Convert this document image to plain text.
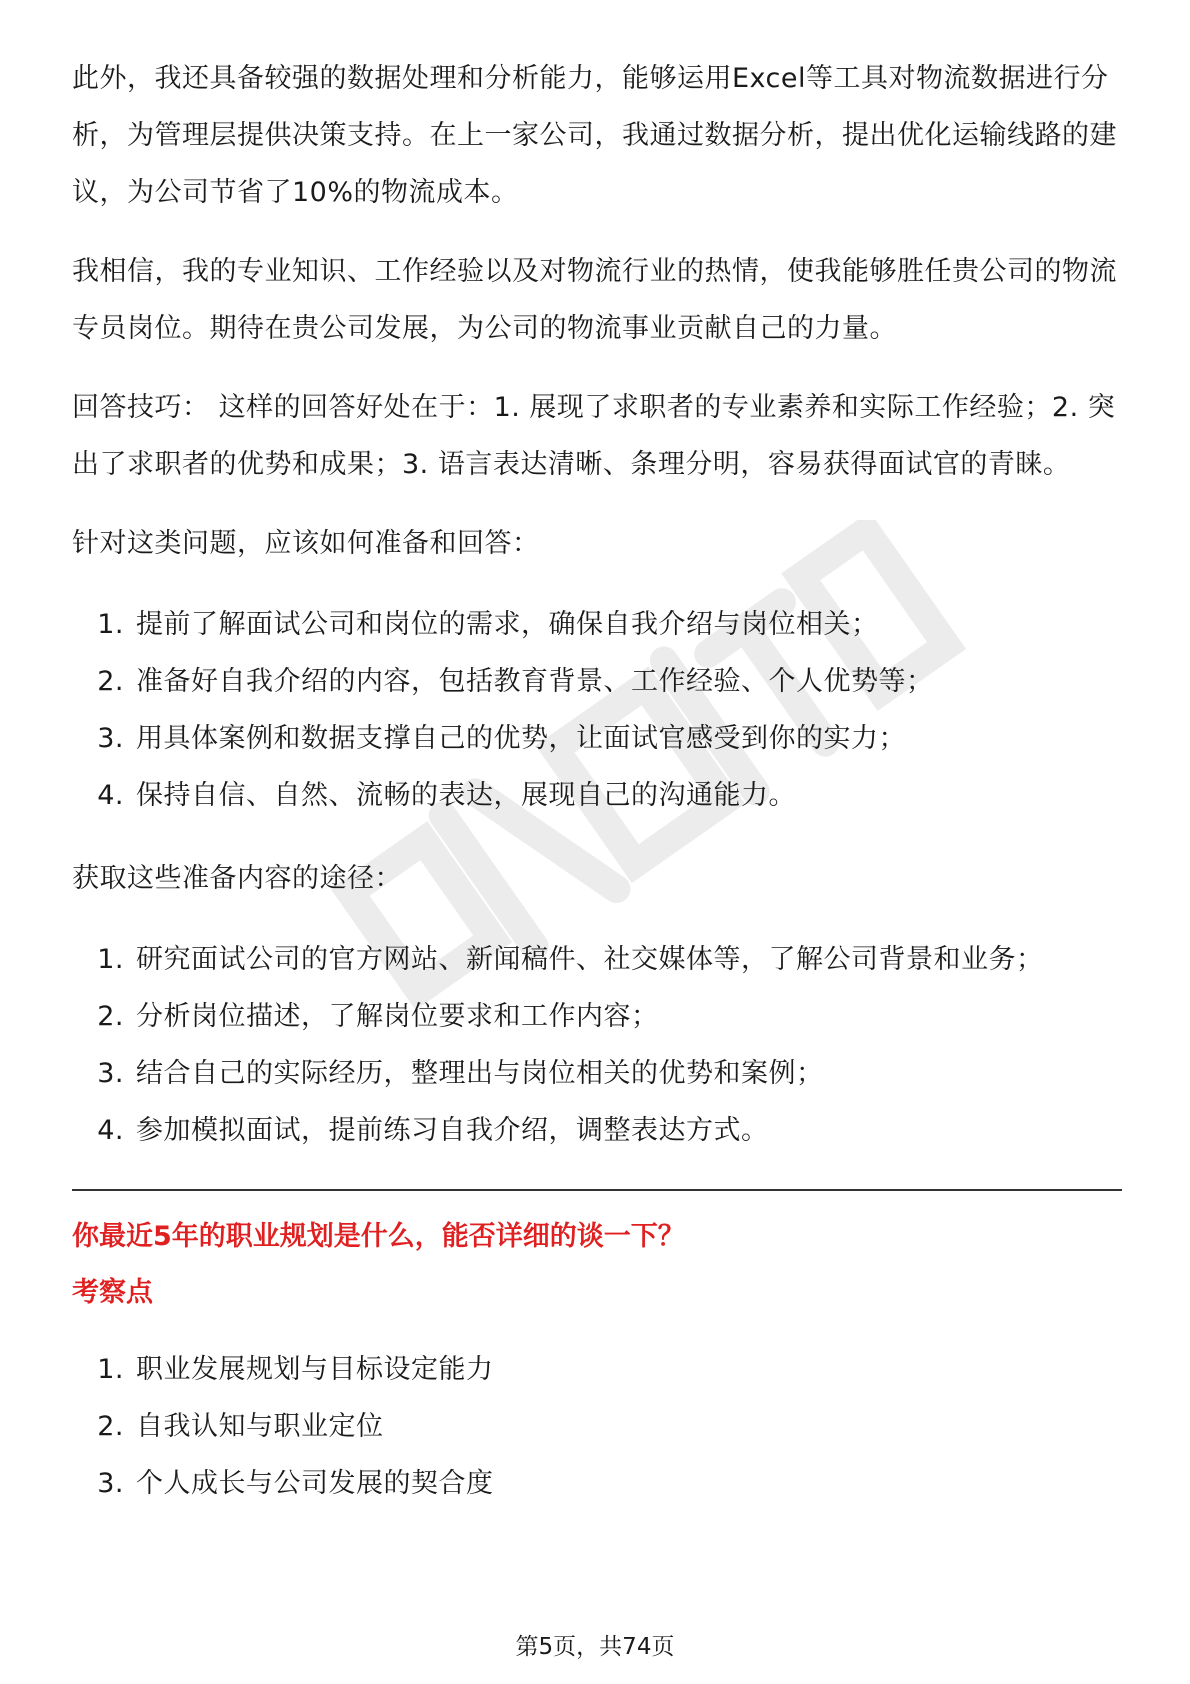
此外，我还具备较强的数据处理和分析能力，能够运用Excel等工具对物流数据进行分析，为管理层提供决策支持。在上一家公司，我通过数据分析，提出优化运输线路的建议，为公司节省了10%的物流成本。

我相信，我的专业知识、工作经验以及对物流行业的热情，使我能够胜任贵公司的物流专员岗位。期待在贵公司发展，为公司的物流事业贡献自己的力量。

回答技巧： 这样的回答好处在于：1. 展现了求职者的专业素养和实际工作经验；2. 突出了求职者的优势和成果；3. 语言表达清晰、条理分明，容易获得面试官的青睐。

针对这类问题，应该如何准备和回答：

1. 提前了解面试公司和岗位的需求，确保自我介绍与岗位相关；
2. 准备好自我介绍的内容，包括教育背景、工作经验、个人优势等；
3. 用具体案例和数据支撑自己的优势，让面试官感受到你的实力；
4. 保持自信、自然、流畅的表达，展现自己的沟通能力。

获取这些准备内容的途径：

1. 研究面试公司的官方网站、新闻稿件、社交媒体等，了解公司背景和业务；
2. 分析岗位描述，了解岗位要求和工作内容；
3. 结合自己的实际经历，整理出与岗位相关的优势和案例；
4. 参加模拟面试，提前练习自我介绍，调整表达方式。

你最近5年的职业规划是什么，能否详细的谈一下？

考察点

1. 职业发展规划与目标设定能力
2. 自我认知与职业定位
3. 个人成长与公司发展的契合度
第5页，共74页
